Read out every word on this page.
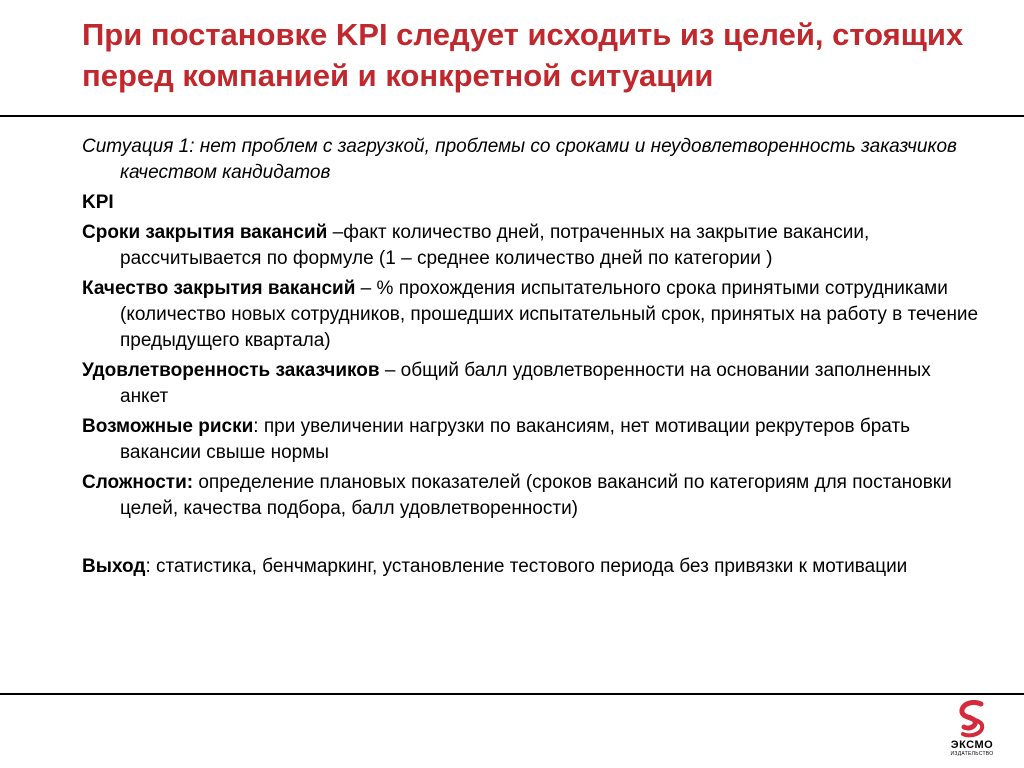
При постановке KPI следует исходить из целей, стоящих перед компанией и конкретной ситуации

Ситуация 1: нет проблем с загрузкой, проблемы со сроками и неудовлетворенность заказчиков качеством кандидатов

KPI

Сроки закрытия вакансий –факт количество дней, потраченных на закрытие вакансии, рассчитывается по формуле (1 – среднее количество дней по категории )

Качество закрытия вакансий – % прохождения испытательного срока принятыми сотрудниками (количество новых сотрудников, прошедших испытательный срок, принятых на работу в течение предыдущего квартала)

Удовлетворенность заказчиков – общий балл удовлетворенности на основании заполненных анкет

Возможные риски: при увеличении нагрузки по вакансиям, нет мотивации рекрутеров брать вакансии свыше нормы

Сложности: определение плановых показателей (сроков вакансий по категориям для постановки целей, качества подбора, балл удовлетворенности)

Выход: статистика, бенчмаркинг, установление тестового периода без привязки к мотивации

ЭКСМО
ИЗДАТЕЛЬСТВО
